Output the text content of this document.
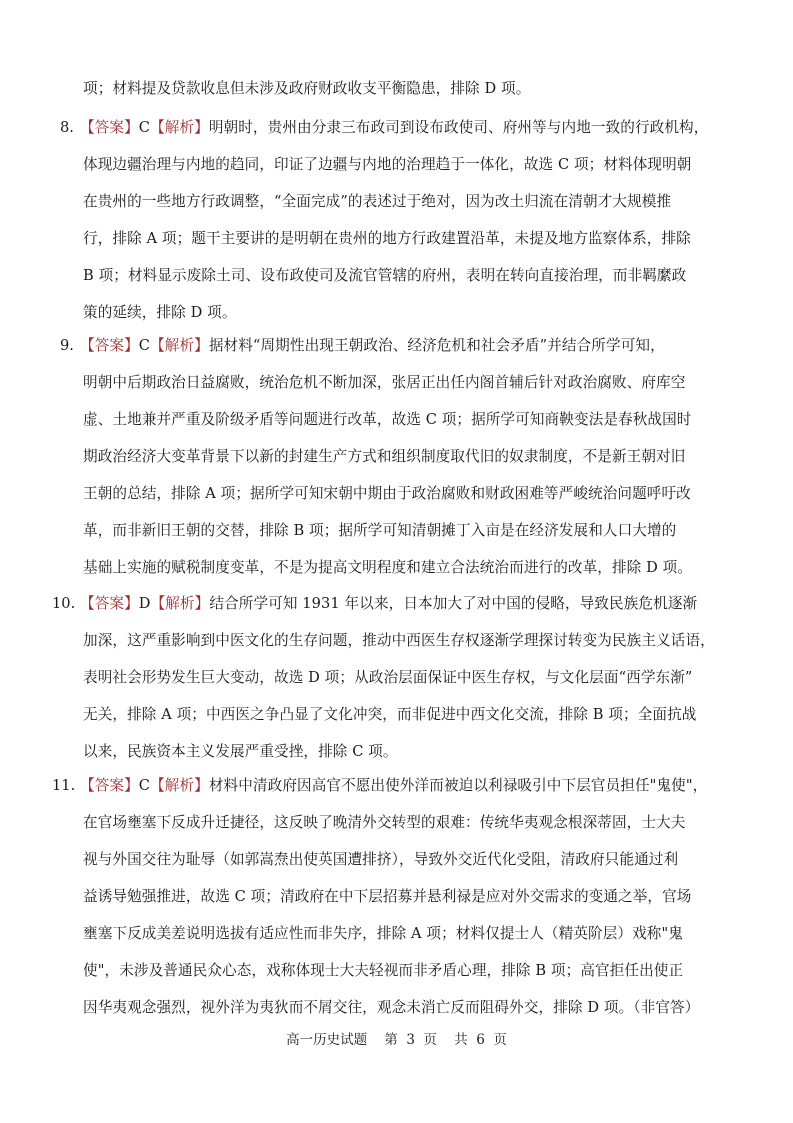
项；材料提及贷款收息但未涉及政府财政收支平衡隐患，排除 D 项。
8. 【答案】C【解析】明朝时，贵州由分隶三布政司到设布政使司、府州等与内地一致的行政机构，
体现边疆治理与内地的趋同，印证了边疆与内地的治理趋于一体化，故选 C 项；材料体现明朝
在贵州的一些地方行政调整，“全面完成”的表述过于绝对，因为改土归流在清朝才大规模推
行，排除 A 项；题干主要讲的是明朝在贵州的地方行政建置沿革，未提及地方监察体系，排除
B 项；材料显示废除土司、设布政使司及流官管辖的府州，表明在转向直接治理，而非羁縻政
策的延续，排除 D 项。
9. 【答案】C【解析】据材料“周期性出现王朝政治、经济危机和社会矛盾”并结合所学可知，
明朝中后期政治日益腐败，统治危机不断加深，张居正出任内阁首辅后针对政治腐败、府库空
虚、土地兼并严重及阶级矛盾等问题进行改革，故选 C 项；据所学可知商鞅变法是春秋战国时
期政治经济大变革背景下以新的封建生产方式和组织制度取代旧的奴隶制度，不是新王朝对旧
王朝的总结，排除 A 项；据所学可知宋朝中期由于政治腐败和财政困难等严峻统治问题呼吁改
革，而非新旧王朝的交替，排除 B 项；据所学可知清朝摊丁入亩是在经济发展和人口大增的
基础上实施的赋税制度变革，不是为提高文明程度和建立合法统治而进行的改革，排除 D 项。
10. 【答案】D【解析】结合所学可知 1931 年以来，日本加大了对中国的侵略，导致民族危机逐渐
加深，这严重影响到中医文化的生存问题，推动中西医生存权逐渐学理探讨转变为民族主义话语，
表明社会形势发生巨大变动，故选 D 项；从政治层面保证中医生存权，与文化层面“西学东渐”
无关，排除 A 项；中西医之争凸显了文化冲突，而非促进中西文化交流，排除 B 项；全面抗战
以来，民族资本主义发展严重受挫，排除 C 项。
11. 【答案】C【解析】材料中清政府因高官不愿出使外洋而被迫以利禄吸引中下层官员担任"鬼使"，
在官场壅塞下反成升迁捷径，这反映了晚清外交转型的艰难：传统华夷观念根深蒂固，士大夫
视与外国交往为耻辱（如郭嵩焘出使英国遭排挤），导致外交近代化受阻，清政府只能通过利
益诱导勉强推进，故选 C 项；清政府在中下层招募并悬利禄是应对外交需求的变通之举，官场
壅塞下反成美差说明选拔有适应性而非失序，排除 A 项；材料仅提士人（精英阶层）戏称"鬼
使"，未涉及普通民众心态，戏称体现士大夫轻视而非矛盾心理，排除 B 项；高官拒任出使正
因华夷观念强烈，视外洋为夷狄而不屑交往，观念未消亡反而阻碍外交，排除 D 项。（非官答）
高一历史试题    第  3  页    共  6  页
